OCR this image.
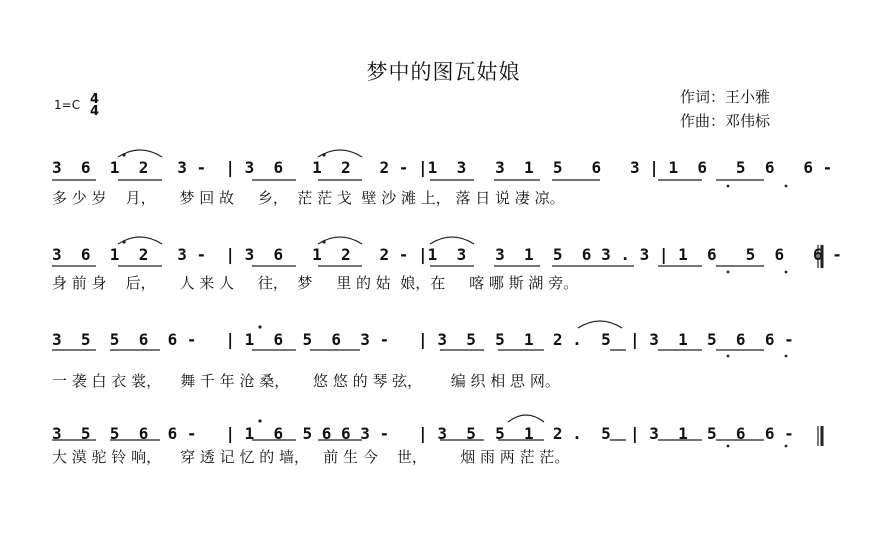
梦中的图瓦姑娘
作词：王小雅
作曲：邓伟标
1=C 4
4
3  6  1  2   3 -  | 3  6   1  2   2 - |1  3   3  1  5   6   3 | 1  6   5  6   6 -
多 少 岁    月，     梦 回 故     乡，  茫 茫 戈  壁 沙 滩 上， 落 日 说 凄 凉。
3  6  1  2   3 -  | 3  6   1  2   2 - |1  3   3  1  5  6 3 . 3 | 1  6   5  6   6 -
身 前 身    后，     人 来 人     往，  梦     里 的 姑  娘，在     喀 哪 斯 湖 旁。
3  5  5  6  6 -   | 1  6  5  6  3 -   | 3  5  5  1  2 .  5  | 3  1  5  6  6 -
一 袭 白 衣 裳，    舞 千 年 沧 桑，     悠 悠 的 琴 弦，      编 织 相 思 网。
3  5  5  6  6 -   | 1  6  5 6 6 3 -   | 3  5  5  1  2 .  5  | 3  1  5  6  6 -
大 漠 驼 铃 响，    穿 透 记 忆 的 墙，   前 生 今    世，       烟 雨 两 茫 茫。
